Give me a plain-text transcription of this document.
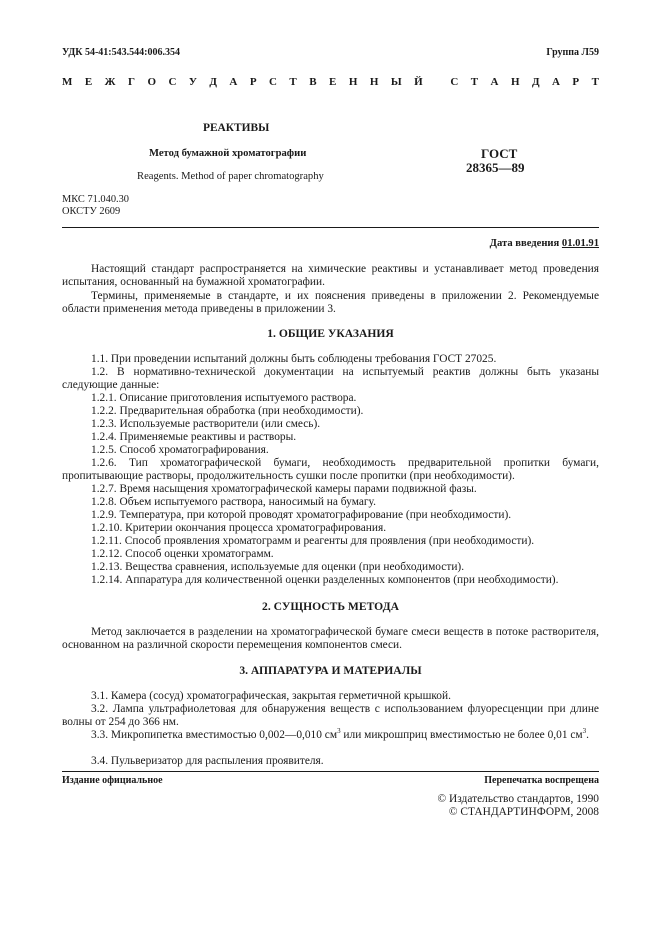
УДК 54-41:543.544:006.354	Группа Л59
М Е Ж Г О С У Д А Р С Т В Е Н Н Ы Й
	С Т А Н Д А Р Т
РЕАКТИВЫ
Метод бумажной хроматографии
Reagents. Method of paper chromatography
ГОСТ
28365—89
МКС 71.040.30
ОКСТУ 2609
Дата введения 01.01.91
Настоящий стандарт распространяется на химические реактивы и устанавливает метод проведения испытания, основанный на бумажной хроматографии.
Термины, применяемые в стандарте, и их пояснения приведены в приложении 2. Рекомендуемые области применения метода приведены в приложении 3.
1. ОБЩИЕ УКАЗАНИЯ
1.1. При проведении испытаний должны быть соблюдены требования ГОСТ 27025.
1.2. В нормативно-технической документации на испытуемый реактив должны быть указаны следующие данные:
1.2.1. Описание приготовления испытуемого раствора.
1.2.2. Предварительная обработка (при необходимости).
1.2.3. Используемые растворители (или смесь).
1.2.4. Применяемые реактивы и растворы.
1.2.5. Способ хроматографирования.
1.2.6. Тип хроматографической бумаги, необходимость предварительной пропитки бумаги, пропитывающие растворы, продолжительность сушки после пропитки (при необходимости).
1.2.7. Время насыщения хроматографической камеры парами подвижной фазы.
1.2.8. Объем испытуемого раствора, наносимый на бумагу.
1.2.9. Температура, при которой проводят хроматографирование (при необходимости).
1.2.10. Критерии окончания процесса хроматографирования.
1.2.11. Способ проявления хроматограмм и реагенты для проявления (при необходимости).
1.2.12. Способ оценки хроматограмм.
1.2.13. Вещества сравнения, используемые для оценки (при необходимости).
1.2.14. Аппаратура для количественной оценки разделенных компонентов (при необходимости).
2. СУЩНОСТЬ МЕТОДА
Метод заключается в разделении на хроматографической бумаге смеси веществ в потоке растворителя, основанном на различной скорости перемещения компонентов смеси.
3. АППАРАТУРА И МАТЕРИАЛЫ
3.1. Камера (сосуд) хроматографическая, закрытая герметичной крышкой.
3.2. Лампа ультрафиолетовая для обнаружения веществ с использованием флуоресценции при длине волны от 254 до 366 нм.
3.3. Микропипетка вместимостью 0,002—0,010 $см^3$ или микрошприц вместимостью не более 0,01 $см^3$.
3.4. Пульверизатор для распыления проявителя.
Издание официальное	Перепечатка воспрещена
© Издательство стандартов, 1990
© СТАНДАРТИНФОРМ, 2008
